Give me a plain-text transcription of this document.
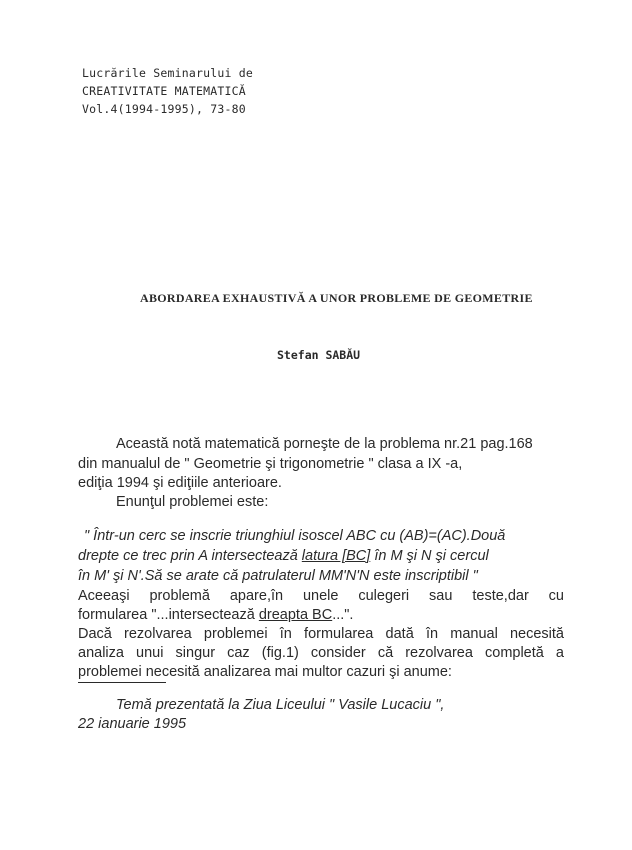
Lucrările Seminarului de
CREATIVITATE MATEMATICĂ
Vol.4(1994-1995), 73-80
ABORDAREA EXHAUSTIVĂ A UNOR PROBLEME DE GEOMETRIE
Stefan SABĂU
Această notă matematică porneşte de la problema nr.21 pag.168
din manualul de " Geometrie şi trigonometrie " clasa a IX -a,
ediţia 1994 şi ediţiile anterioare.
Enunţul problemei este:
" Într-un cerc se inscrie triunghiul isoscel ABC cu (AB)=(AC).Două
drepte ce trec prin A intersectează latura [BC] în M şi N şi cercul
în M' şi N'.Să se arate că patrulaterul MM'N'N este inscriptibil "
Aceeaşi problemă apare,în unele culegeri sau teste,dar cu
formularea "...intersectează dreapta BC...".
Dacă rezolvarea problemei în formularea dată în manual necesită
analiza unui singur caz (fig.1) consider că rezolvarea completă a
problemei necesită analizarea mai multor cazuri şi anume:
Temă prezentată la Ziua Liceului " Vasile Lucaciu ",
22 ianuarie 1995
